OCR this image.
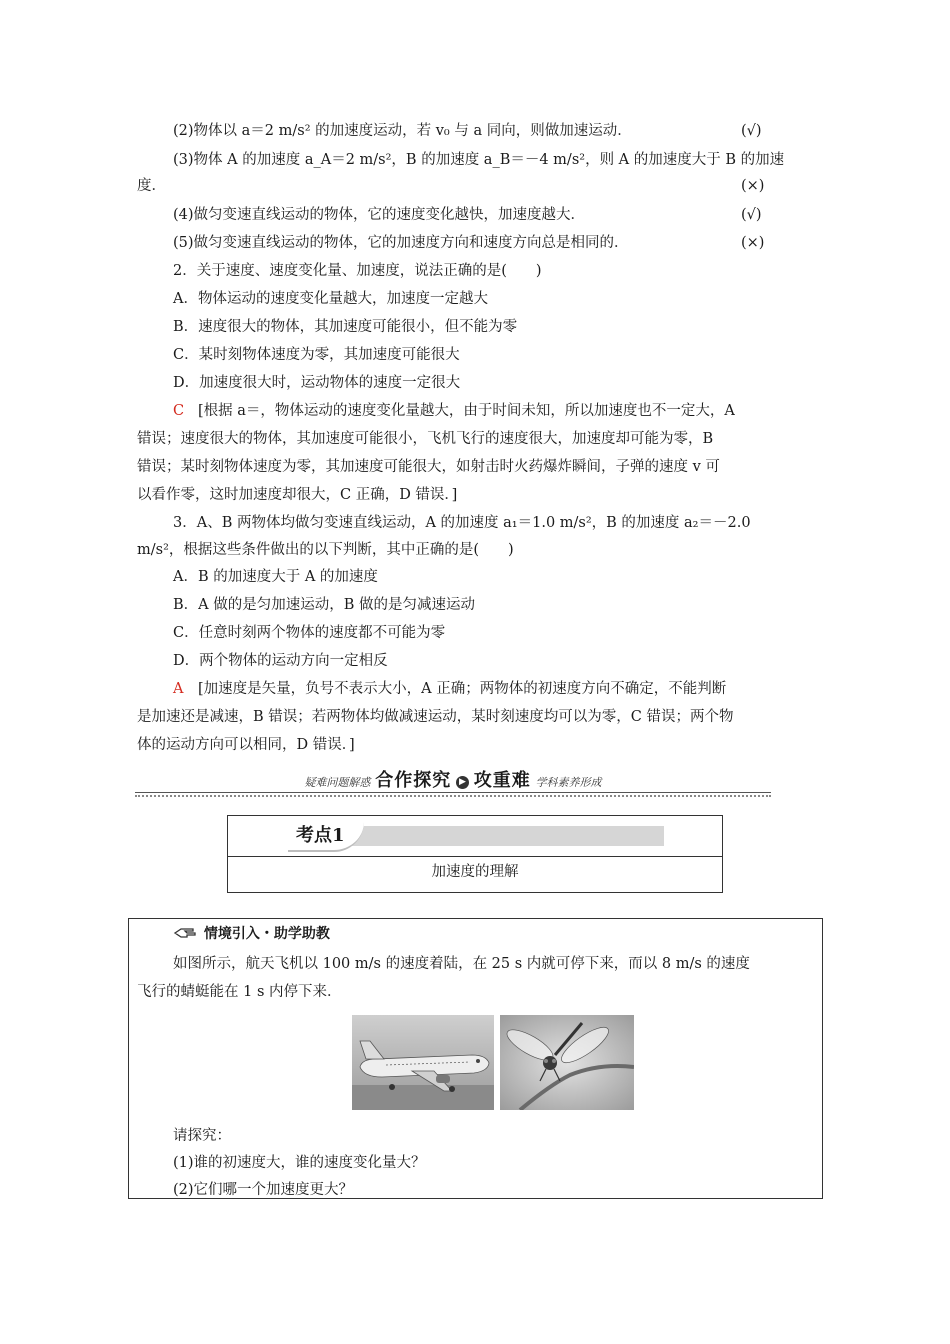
(2)物体以 a＝2 m/s² 的加速度运动，若 v₀ 与 a 同向，则做加速运动．	(√)
(3)物体 A 的加速度 a_A＝2 m/s²，B 的加速度 a_B＝－4 m/s²，则 A 的加速度大于 B 的加速
度．	(×)
(4)做匀变速直线运动的物体，它的速度变化越快，加速度越大．	(√)
(5)做匀变速直线运动的物体，它的加速度方向和速度方向总是相同的．	(×)
2．关于速度、速度变化量、加速度，说法正确的是(　　)
A．物体运动的速度变化量越大，加速度一定越大
B．速度很大的物体，其加速度可能很小，但不能为零
C．某时刻物体速度为零，其加速度可能很大
D．加速度很大时，运动物体的速度一定很大
C [根据 a＝，物体运动的速度变化量越大，由于时间未知，所以加速度也不一定大，A
错误；速度很大的物体，其加速度可能很小，飞机飞行的速度很大，加速度却可能为零，B
错误；某时刻物体速度为零，其加速度可能很大，如射击时火药爆炸瞬间，子弹的速度 v 可
以看作零，这时加速度却很大，C 正确，D 错误．]
3．A、B 两物体均做匀变速直线运动，A 的加速度 a₁＝1.0 m/s²，B 的加速度 a₂＝－2.0
m/s²，根据这些条件做出的以下判断，其中正确的是(　　)
A．B 的加速度大于 A 的加速度
B．A 做的是匀加速运动，B 做的是匀减速运动
C．任意时刻两个物体的速度都不可能为零
D．两个物体的运动方向一定相反
A [加速度是矢量，负号不表示大小，A 正确；两物体的初速度方向不确定，不能判断
是加速还是减速，B 错误；若两物体均做减速运动，某时刻速度均可以为零，C 错误；两个物
体的运动方向可以相同，D 错误．]
疑难问题解惑 合作探究 ▶ 攻重难 学科素养形成
考点1
加速度的理解
情境引入・助学助教
如图所示，航天飞机以 100 m/s 的速度着陆，在 25 s 内就可停下来，而以 8 m/s 的速度
飞行的蜻蜓能在 1 s 内停下来．
请探究：
(1)谁的初速度大，谁的速度变化量大？
(2)它们哪一个加速度更大？
